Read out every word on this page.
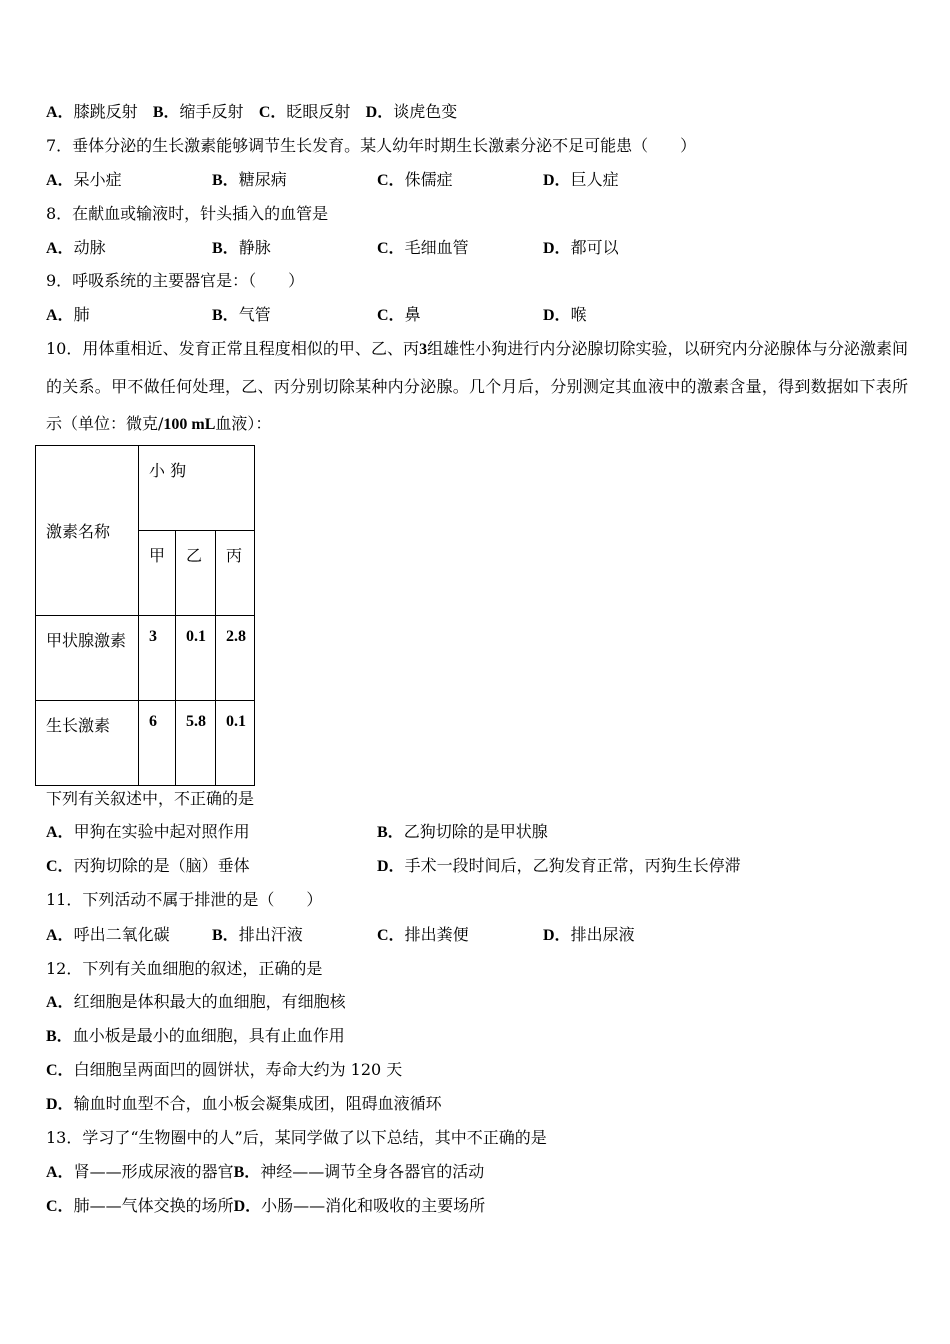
A．膝跳反射 B．缩手反射 C．眨眼反射 D．谈虎色变
7．垂体分泌的生长激素能够调节生长发育。某人幼年时期生长激素分泌不足可能患（　　）
A．呆小症	B．糖尿病	C．侏儒症	D．巨人症
8．在献血或输液时，针头插入的血管是
A．动脉	B．静脉	C．毛细血管	D．都可以
9．呼吸系统的主要器官是：（　　）
A．肺	B．气管	C．鼻	D．喉
10．用体重相近、发育正常且程度相似的甲、乙、丙3组雄性小狗进行内分泌腺切除实验，以研究内分泌腺体与分泌激素间的关系。甲不做任何处理，乙、丙分别切除某种内分泌腺。几个月后，分别测定其血液中的激素含量，得到数据如下表所示（单位：微克/100 mL血液）：
激素名称	小 狗		

	甲	乙	丙

甲状腺激素	3	0.1	2.8

生长激素	6	5.8	0.1
下列有关叙述中，不正确的是
A．甲狗在实验中起对照作用	B．乙狗切除的是甲状腺
C．丙狗切除的是（脑）垂体	D．手术一段时间后，乙狗发育正常，丙狗生长停滞
11．下列活动不属于排泄的是（　　）
A．呼出二氧化碳	B．排出汗液	C．排出粪便	D．排出尿液
12．下列有关血细胞的叙述，正确的是
A．红细胞是体积最大的血细胞，有细胞核
B．血小板是最小的血细胞，具有止血作用
C．白细胞呈两面凹的圆饼状，寿命大约为 120 天
D．输血时血型不合，血小板会凝集成团，阻碍血液循环
13．学习了“生物圈中的人”后，某同学做了以下总结，其中不正确的是
A．肾——形成尿液的器官B．神经——调节全身各器官的活动
C．肺——气体交换的场所D．小肠——消化和吸收的主要场所
